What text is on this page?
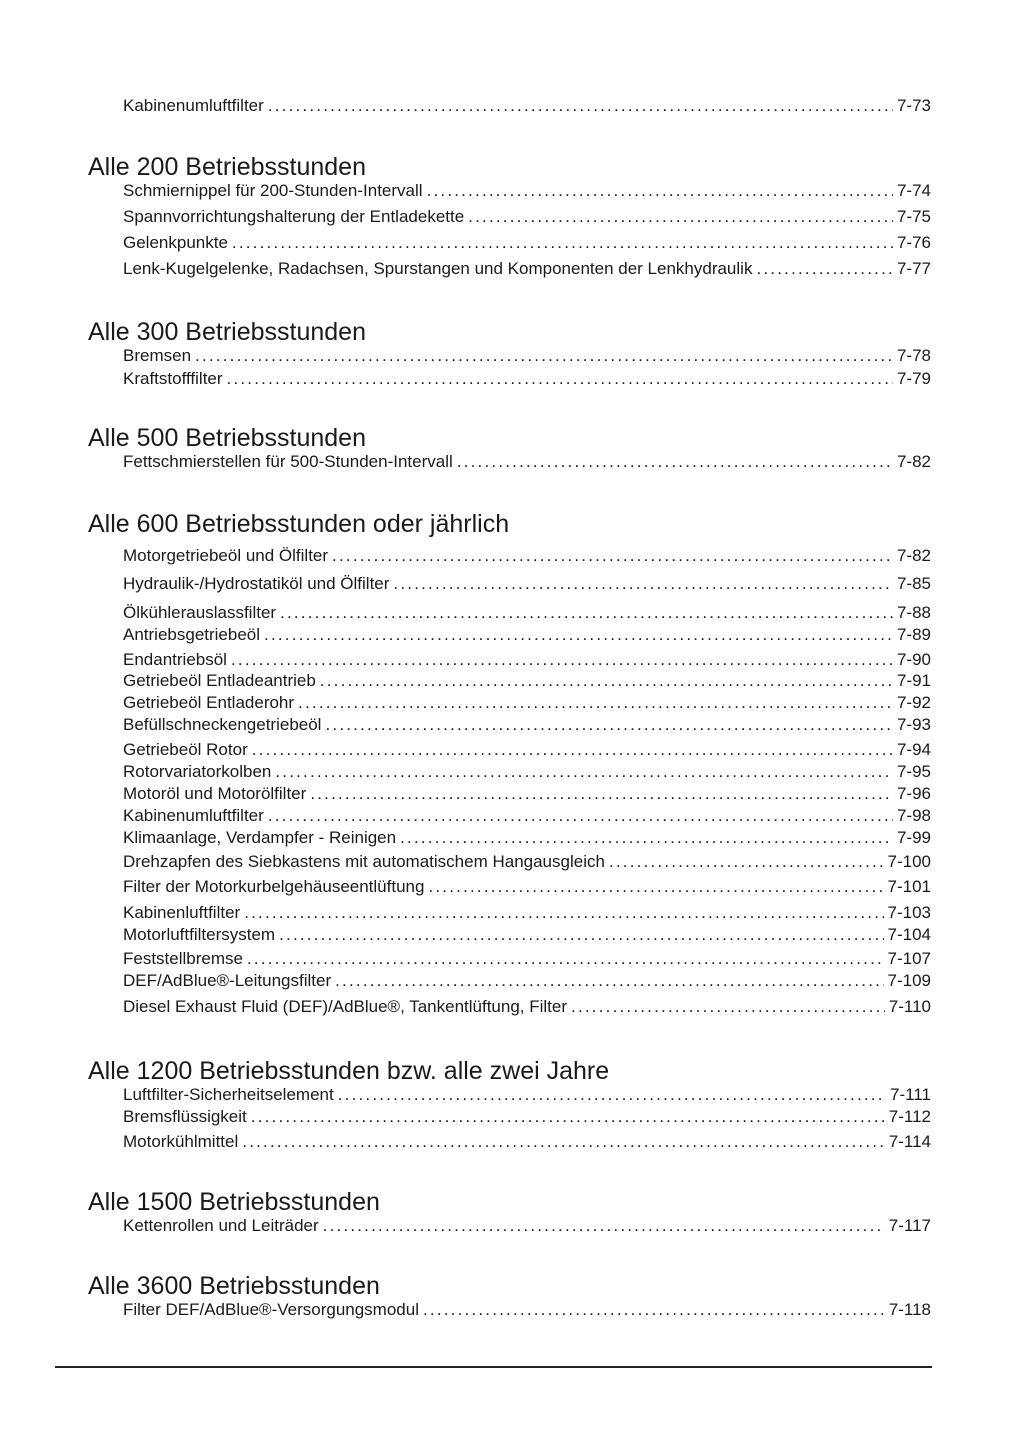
Kabinenumluftfilter .....	7-73
Alle 200 Betriebsstunden
Schmiernippel für 200-Stunden-Intervall .....	7-74
Spannvorrichtungshalterung der Entladekette .....	7-75
Gelenkpunkte .....	7-76
Lenk-Kugelgelenke, Radachsen, Spurstangen und Komponenten der Lenkhydraulik .....	7-77
Alle 300 Betriebsstunden
Bremsen .....	7-78
Kraftstofffilter .....	7-79
Alle 500 Betriebsstunden
Fettschmierstellen für 500-Stunden-Intervall .....	7-82
Alle 600 Betriebsstunden oder jährlich
Motorgetriebeöl und Ölfilter .....	7-82
Hydraulik-/Hydrostatiköl und Ölfilter .....	7-85
Ölkühlerauslassfilter .....	7-88
Antriebsgetriebeöl .....	7-89
Endantriebsöl .....	7-90
Getriebeöl Entladeantrieb .....	7-91
Getriebeöl Entladerohr .....	7-92
Befüllschneckengetriebeöl .....	7-93
Getriebeöl Rotor .....	7-94
Rotorvariatorkolben .....	7-95
Motoröl und Motorölfilter .....	7-96
Kabinenumluftfilter .....	7-98
Klimaanlage, Verdampfer - Reinigen .....	7-99
Drehzapfen des Siebkastens mit automatischem Hangausgleich .....	7-100
Filter der Motorkurbelgehäuseentlüftung .....	7-101
Kabinenluftfilter .....	7-103
Motorluftfiltersystem .....	7-104
Feststellbremse .....	7-107
DEF/AdBlue®-Leitungsfilter .....	7-109
Diesel Exhaust Fluid (DEF)/AdBlue®, Tankentlüftung, Filter .....	7-110
Alle 1200 Betriebsstunden bzw. alle zwei Jahre
Luftfilter-Sicherheitselement .....	7-111
Bremsflüssigkeit .....	7-112
Motorkühlmittel .....	7-114
Alle 1500 Betriebsstunden
Kettenrollen und Leiträder .....	7-117
Alle 3600 Betriebsstunden
Filter DEF/AdBlue®-Versorgungsmodul .....	7-118
